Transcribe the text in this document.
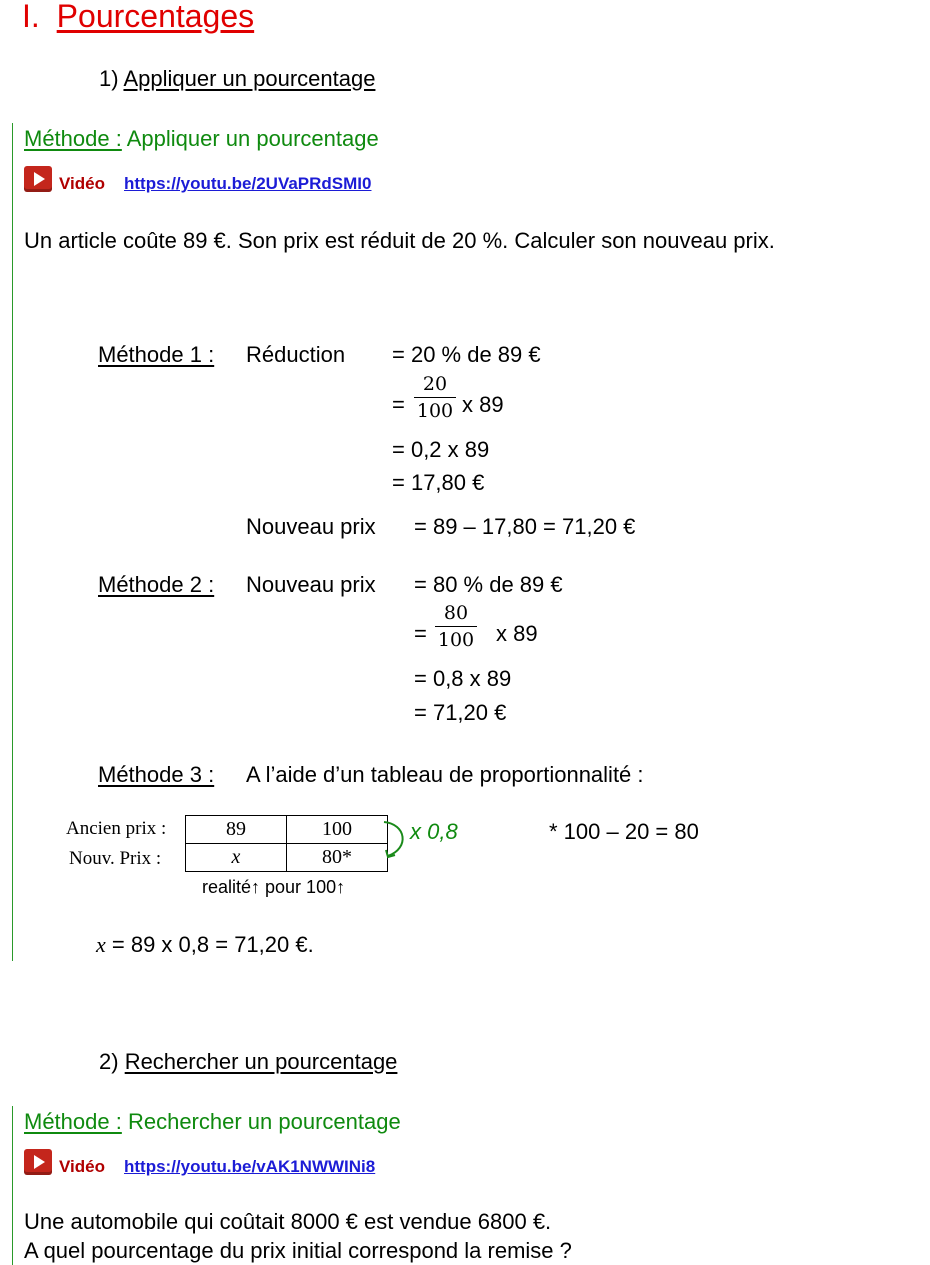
I. Pourcentages
1) Appliquer un pourcentage
Méthode : Appliquer un pourcentage
Vidéo https://youtu.be/2UVaPRdSMI0
Un article coûte 89 €. Son prix est réduit de 20 %. Calculer son nouveau prix.
Méthode 1 : Réduction = 20 % de 89 €
=
20
100 x 89
= 0,2 x 89
= 17,80 €
Nouveau prix = 89 – 17,80 = 71,20 €
Méthode 2 : Nouveau prix = 80 % de 89 €
=
80
100 x 89
= 0,8 x 89
= 71,20 €
Méthode 3 : A l’aide d’un tableau de proportionnalité :
Ancien prix :
Nouv. Prix :
89	100
x	80*
x 0,8	* 100 – 20 = 80
realité↑ pour 100↑
x = 89 x 0,8 = 71,20 €.
2) Rechercher un pourcentage
Méthode : Rechercher un pourcentage
Vidéo https://youtu.be/vAK1NWWINi8
Une automobile qui coûtait 8000 € est vendue 6800 €.
A quel pourcentage du prix initial correspond la remise ?
